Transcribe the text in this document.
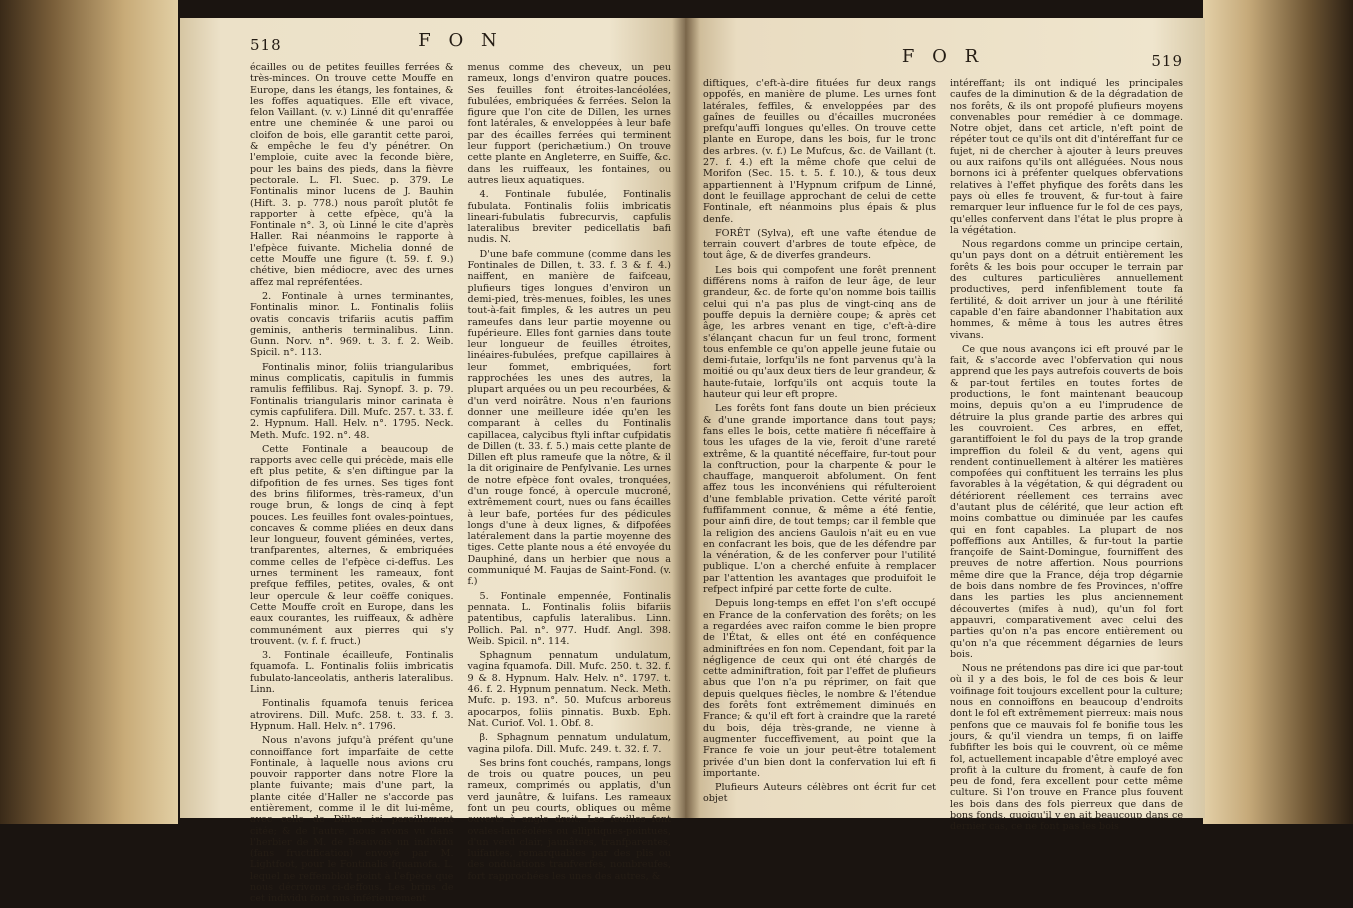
518	F O N

écailles ou de petites feuilles ferrées & très-minces. On trouve cette Mouffe en Europe, dans les étangs, les fontaines, & les foffes aquatiques. Elle eft vivace, felon Vaillant. (v. v.) Linné dit qu'enraffée entre une cheminée & une paroi ou cloifon de bois, elle garantit cette paroi, & empêche le feu d'y pénétrer. On l'emploie, cuite avec la feconde bière, pour les bains des pieds, dans la fièvre pectorale. L. Fl. Suec. p. 379. Le Fontinalis minor lucens de J. Bauhin (Hift. 3. p. 778.) nous paroît plutôt fe rapporter à cette efpèce, qu'à la Fontinale n°. 3, où Linné le cite d'après Haller. Rai néanmoins le rapporte à l'efpèce fuivante. Michelia donné de cette Mouffe une figure (t. 59. f. 9.) chétive, bien médiocre, avec des urnes affez mal repréfentées.

2. Fontinale à urnes terminantes, Fontinalis minor. L. Fontinalis foliis ovatis concavis trifariis acutis paffim geminis, antheris terminalibus. Linn. Gunn. Norv. n°. 969. t. 3. f. 2. Weib. Spicil. n°. 113.

Fontinalis minor, foliis triangularibus minus complicatis, capitulis in fummis ramulis feffilibus. Raj. Synopf. 3. p. 79. Fontinalis triangularis minor carinata è cymis capfulifera. Dill. Mufc. 257. t. 33. f. 2. Hypnum. Hall. Helv. n°. 1795. Neck. Meth. Mufc. 192. n°. 48.

Cette Fontinale a beaucoup de rapports avec celle qui précède, mais elle eft plus petite, & s'en diftingue par la difpofition de fes urnes. Ses tiges font des brins filiformes, très-rameux, d'un rouge brun, & longs de cinq à fept pouces. Les feuilles font ovales-pointues, concaves & comme pliées en deux dans leur longueur, fouvent géminées, vertes, tranfparentes, alternes, & embriquées comme celles de l'efpèce ci-deffus. Les urnes terminent les rameaux, font prefque feffiles, petites, ovales, & ont leur opercule & leur coëffe coniques. Cette Mouffe croît en Europe, dans les eaux courantes, les ruiffeaux, & adhère communément aux pierres qui s'y trouvent. (v. f. f. fruct.)

3. Fontinale écailleufe, Fontinalis fquamofa. L. Fontinalis foliis imbricatis fubulato-lanceolatis, antheris lateralibus. Linn.

Fontinalis fquamofa tenuis fericea atrovirens. Dill. Mufc. 258. t. 33. f. 3. Hypnum. Hall. Helv. n°. 1796.

Nous n'avons jufqu'à préfent qu'une connoiffance fort imparfaite de cette Fontinale, à laquelle nous avions cru pouvoir rapporter dans notre Flore la plante fuivante; mais d'une part, la plante citée d'Haller ne s'accorde pas entièrement, comme il le dit lui-même, avec celle de Dillen ici pareillement citée; & de l'autre, nous avons vu dans l'herbier de M. de Beauvois un individu (fans fructification) envoyé par M. Lightfoot, pour le Fontinalis fquamofa. L. lequel ne reffembloit point à l'efpèce que nous décrivons ci-deffous. Les brins de cet individu font nus inférieurement

menus comme des cheveux, un peu rameux, longs d'environ quatre pouces. Ses feuilles font étroites-lancéolées, fubulées, embriquées & ferrées. Selon la figure que l'on cite de Dillen, les urnes font latérales, & enveloppées à leur bafe par des écailles ferrées qui terminent leur fupport (perichætium.) On trouve cette plante en Angleterre, en Suiffe, &c. dans les ruiffeaux, les fontaines, ou autres lieux aquatiques.

4. Fontinale fubulée, Fontinalis fubulata. Fontinalis foliis imbricatis lineari-fubulatis fubrecurvis, capfulis lateralibus breviter pedicellatis bafi nudis. N.

D'une bafe commune (comme dans les Fontinales de Dillen, t. 33. f. 3 & f. 4.) naiffent, en manière de faifceau, plufieurs tiges longues d'environ un demi-pied, très-menues, foibles, les unes tout-à-fait fimples, & les autres un peu rameufes dans leur partie moyenne ou fupérieure. Elles font garnies dans toute leur longueur de feuilles étroites, linéaires-fubulées, prefque capillaires à leur fommet, embriquées, fort rapprochées les unes des autres, la plupart arquées ou un peu recourbées, & d'un verd noirâtre. Nous n'en faurions donner une meilleure idée qu'en les comparant à celles du Fontinalis capillacea, calycibus ftyli inftar cufpidatis de Dillen (t. 33. f. 5.) mais cette plante de Dillen eft plus rameufe que la nôtre, & il la dit originaire de Penfylvanie. Les urnes de notre efpèce font ovales, tronquées, d'un rouge foncé, à opercule mucroné, extrêmement court, nues ou fans écailles à leur bafe, portées fur des pédicules longs d'une à deux lignes, & difpofées latéralement dans la partie moyenne des tiges. Cette plante nous a été envoyée du Dauphiné, dans un herbier que nous a communiqué M. Faujas de Saint-Fond. (v. f.)

5. Fontinale empennée, Fontinalis pennata. L. Fontinalis foliis bifariis patentibus, capfulis lateralibus. Linn. Pollich. Pal. n°. 977. Hudf. Angl. 398. Weib. Spicil. n°. 114.

Sphagnum pennatum undulatum, vagina fquamofa. Dill. Mufc. 250. t. 32. f. 9 & 8. Hypnum. Halv. Helv. n°. 1797. t. 46. f. 2. Hypnum pennatum. Neck. Meth. Mufc. p. 193. n°. 50. Mufcus arboreus apocarpos, foliis pinnatis. Buxb. Eph. Nat. Curiof. Vol. 1. Obf. 8.

β. Sphagnum pennatum undulatum, vagina pilofa. Dill. Mufc. 249. t. 32. f. 7.

Ses brins font couchés, rampans, longs de trois ou quatre pouces, un peu rameux, comprimés ou applatis, d'un verd jaunâtre, & luifans. Les rameaux font un peu courts, obliques ou même ouverts à angle droit. Les feuilles font ovales-lancéolées ou elliptiques-pointues, d'un verd clair, jaunâtres, tranfparentes, luifantes, remarquables par des plis ou des ondulations tranfverfes, nombreufes, fort rapprochées les unes des autres, &

F O R	519

diftiques, c'eft-à-dire fituées fur deux rangs oppofés, en manière de plume. Les urnes font latérales, feffiles, & enveloppées par des gaînes de feuilles ou d'écailles mucronées prefqu'auffi longues qu'elles. On trouve cette plante en Europe, dans les bois, fur le tronc des arbres. (v. f.) Le Mufcus, &c. de Vaillant (t. 27. f. 4.) eft la même chofe que celui de Morifon (Sec. 15. t. 5. f. 10.), & tous deux appartiennent à l'Hypnum crifpum de Linné, dont le feuillage approchant de celui de cette Fontinale, eft néanmoins plus épais & plus denfe.

FORÊT (Sylva), eft une vafte étendue de terrain couvert d'arbres de toute efpèce, de tout âge, & de diverfes grandeurs.

Les bois qui compofent une forêt prennent différens noms à raifon de leur âge, de leur grandeur, &c. de forte qu'on nomme bois taillis celui qui n'a pas plus de vingt-cinq ans de pouffe depuis la dernière coupe; & après cet âge, les arbres venant en tige, c'eft-à-dire s'élançant chacun fur un feul tronc, forment tous enfemble ce qu'on appelle jeune futaie ou demi-futaie, lorfqu'ils ne font parvenus qu'à la moitié ou qu'aux deux tiers de leur grandeur, & haute-futaie, lorfqu'ils ont acquis toute la hauteur qui leur eft propre.

Les forêts font fans doute un bien précieux & d'une grande importance dans tout pays; fans elles le bois, cette matière fi néceffaire à tous les ufages de la vie, feroit d'une rareté extrême, & la quantité néceffaire, fur-tout pour la conftruction, pour la charpente & pour le chauffage, manqueroit abfolument. On fent affez tous les inconvéniens qui réfulteroient d'une femblable privation. Cette vérité paroît fuffifamment connue, & même a été fentie, pour ainfi dire, de tout temps; car il femble que la religion des anciens Gaulois n'ait eu en vue en confacrant les bois, que de les défendre par la vénération, & de les conferver pour l'utilité publique. L'on a cherché enfuite à remplacer par l'attention les avantages que produifoit le refpect infpiré par cette forte de culte.

Depuis long-temps en effet l'on s'eft occupé en France de la confervation des forêts; on les a regardées avec raifon comme le bien propre de l'État, & elles ont été en conféquence adminiftrées en fon nom. Cependant, foit par la négligence de ceux qui ont été chargés de cette adminiftration, foit par l'effet de plufieurs abus que l'on n'a pu réprimer, on fait que depuis quelques fiècles, le nombre & l'étendue des forêts font extrêmement diminués en France; & qu'il eft fort à craindre que la rareté du bois, déja très-grande, ne vienne à augmenter fucceffivement, au point que la France fe voie un jour peut-être totalement privée d'un bien dont la confervation lui eft fi importante.

Plufieurs Auteurs célèbres ont écrit fur cet objet

intéreffant; ils ont indiqué les principales caufes de la diminution & de la dégradation de nos forêts, & ils ont propofé plufieurs moyens convenables pour remédier à ce dommage. Notre objet, dans cet article, n'eft point de répéter tout ce qu'ils ont dit d'intéreffant fur ce fujet, ni de chercher à ajouter à leurs preuves ou aux raifons qu'ils ont alléguées. Nous nous bornons ici à préfenter quelques obfervations relatives à l'effet phyfique des forêts dans les pays où elles fe trouvent, & fur-tout à faire remarquer leur influence fur le fol de ces pays, qu'elles confervent dans l'état le plus propre à la végétation.

Nous regardons comme un principe certain, qu'un pays dont on a détruit entièrement les forêts & les bois pour occuper le terrain par des cultures particulières annuellement productives, perd infenfiblement toute fa fertilité, & doit arriver un jour à une ftérilité capable d'en faire abandonner l'habitation aux hommes, & même à tous les autres êtres vivans.

Ce que nous avançons ici eft prouvé par le fait, & s'accorde avec l'obfervation qui nous apprend que les pays autrefois couverts de bois & par-tout fertiles en toutes fortes de productions, le font maintenant beaucoup moins, depuis qu'on a eu l'imprudence de détruire la plus grande partie des arbres qui les couvroient. Ces arbres, en effet, garantiffoient le fol du pays de la trop grande impreffion du foleil & du vent, agens qui rendent continuellement à altérer les matières compofées qui conftituent les terrains les plus favorables à la végétation, & qui dégradent ou détériorent réellement ces terrains avec d'autant plus de célérité, que leur action eft moins combattue ou diminuée par les caufes qui en font capables. La plupart de nos poffeffions aux Antilles, & fur-tout la partie françoife de Saint-Domingue, fourniffent des preuves de notre affertion. Nous pourrions même dire que la France, déja trop dégarnie de bois dans nombre de fes Provinces, n'offre dans les parties les plus anciennement découvertes (mifes à nud), qu'un fol fort appauvri, comparativement avec celui des parties qu'on n'a pas encore entièrement ou qu'on n'a que récemment dégarnies de leurs bois.

Nous ne prétendons pas dire ici que par-tout où il y a des bois, le fol de ces bois & leur voifinage foit toujours excellent pour la culture; nous en connoiffons en beaucoup d'endroits dont le fol eft extrêmement pierreux: mais nous penfons que ce mauvais fol fe bonifie tous les jours, & qu'il viendra un temps, fi on laiffe fubfifter les bois qui le couvrent, où ce même fol, actuellement incapable d'être employé avec profit à la culture du froment, à caufe de fon peu de fond, fera excellent pour cette même culture. Si l'on trouve en France plus fouvent les bois dans des fols pierreux que dans de bons fonds, quoiqu'il y en ait beaucoup dans ce dernier cas, ce ne font pas les bois
